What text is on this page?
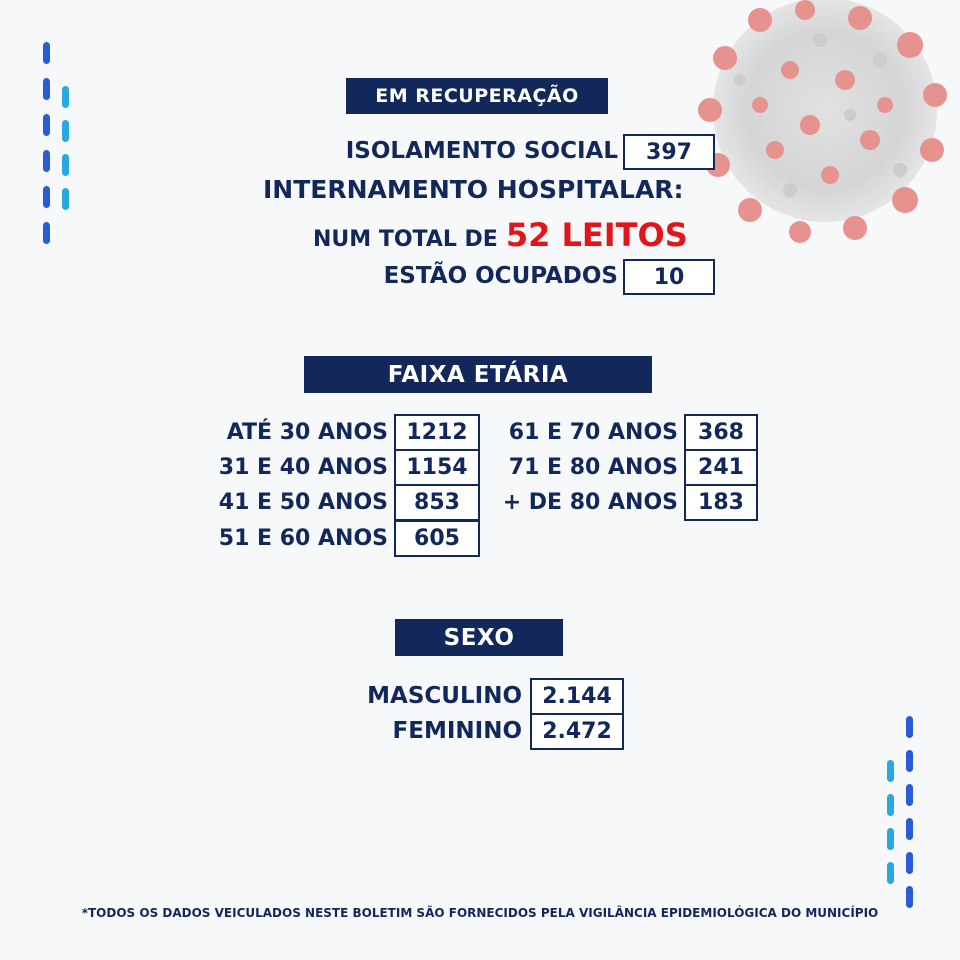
EM RECUPERAÇÃO
ISOLAMENTO SOCIAL	397
INTERNAMENTO HOSPITALAR:
NUM TOTAL DE 52 LEITOS
ESTÃO OCUPADOS	10
FAIXA ETÁRIA
ATÉ 30 ANOS 1212
31 E 40 ANOS 1154
41 E 50 ANOS	853
51 E 60 ANOS	605
61 E 70 ANOS 368
71 E 80 ANOS 241
+ DE 80 ANOS 183
SEXO
MASCULINO 2.144
FEMININO 2.472
*TODOS OS DADOS VEICULADOS NESTE BOLETIM SÃO FORNECIDOS PELA VIGILÂNCIA EPIDEMIOLÓGICA DO MUNICÍPIO
